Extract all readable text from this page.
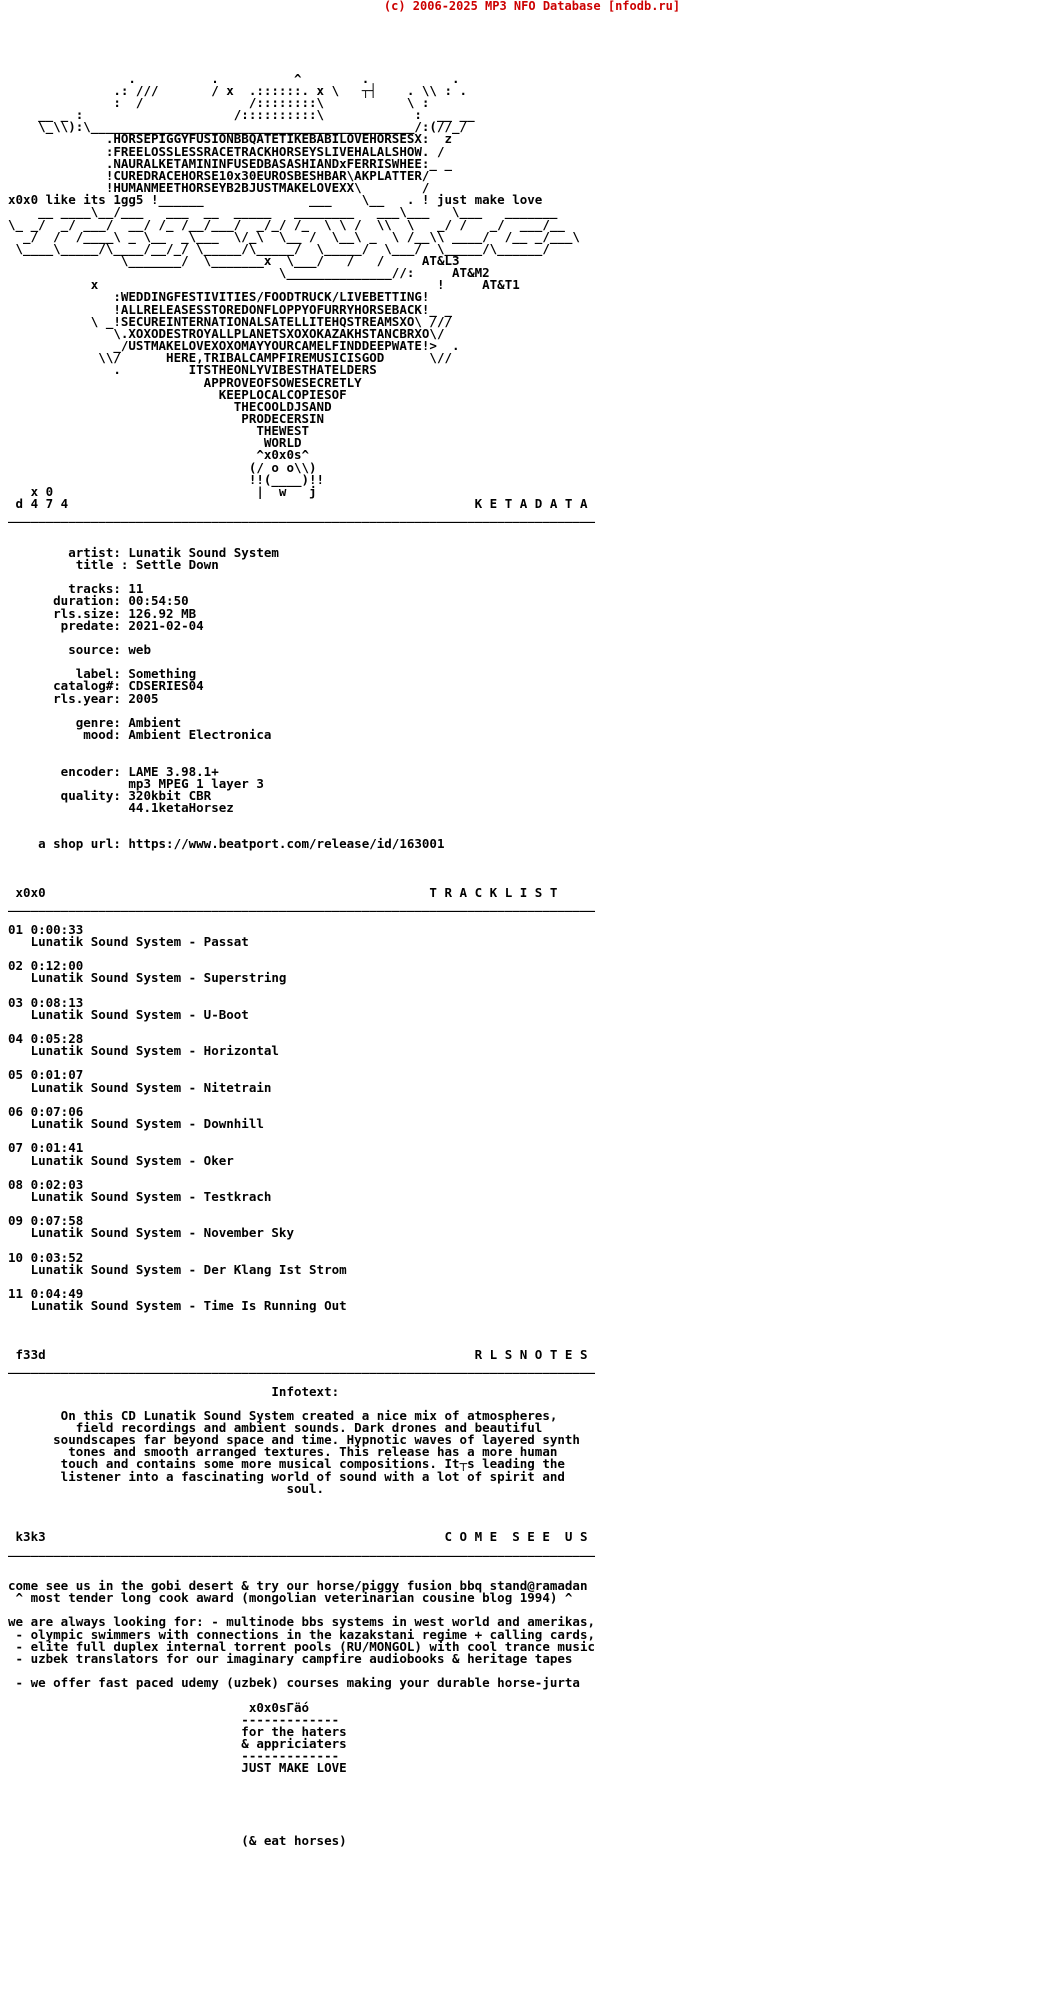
(c) 2006-2025 MP3 NFO Database [nfodb.ru]

.          .          ^        .           .
.: ///       / x  .::::::. x \   ┬┤    . \\ : .
:  /              /::::::::\           \ :
__ _ :                    /::::::::::\            :  __ __
\_\\):\___________________________________________/:(//_/
.HORSEPIGGYFUSIONBBQATETIKEBABILOVEHORSESX:  z
:FREELOSSLESSRACETRACKHORSEYSLIVEHALALSHOW. /
.NAURALKETAMININFUSEDBASASHIANDxFERRISWHEE:_ _
!CUREDRACEHORSE10x30EUROSBESHBAR\AKPLATTER/
!HUMANMEETHORSEYB2BJUSTMAKELOVEXX\        /
x0x0 like its 1gg5 !______              ___    \__   . ! just make love
__ ____\__/___   ___  __  _____   ________   ___\___   \___   _______
\_ _/  _/ ___/  __/ /_ /__/___/  _/_/ /_  \ \ /  \\  \   _/ /   _/  ___/__
_/  /  /____\ _ \__  _\___  \/_\  \__ /  \__\ _  \ /__\\ ____/  /__ _/___\
\____\_____/\____/__/_/ \_____/\_____/  \_____/  \___/  \_____/\______/
\_______/  \_______x  \___/   /   /     AT&L3
\______________//:     AT&M2
x                                             !     AT&T1
:WEDDINGFESTIVITIES/FOODTRUCK/LIVEBETTING!
!ALLRELEASESSTOREDONFLOPPYOFURRYHORSEBACK!_ _
\ _!SECUREINTERNATIONALSATELLITEHQSTREAMSXO\ ///
\.XOXODESTROYALLPLANETSXOXOKAZAKHSTANCBRXO\/
_/USTMAKELOVEXOXOMAYYOURCAMELFINDDEEPWATE!>  .
\\/      HERE,TRIBALCAMPFIREMUSICISGOD      \//
.         ITSTHEONLYVIBESTHATELDERS
APPROVEOFSOWESECRETLY
KEEPLOCALCOPIESOF
THECOOLDJSAND
PRODECERSIN
THEWEST
WORLD
^x0x0s^
(/ o o\\)
!!(____)!!
x 0                           |  w   j
d 4 7 4                                                      K E T A D A T A
______________________________________________________________________________

artist: Lunatik Sound System
title : Settle Down

tracks: 11
duration: 00:54:50
rls.size: 126.92 MB
predate: 2021-02-04

source: web

label: Something
catalog#: CDSERIES04
rls.year: 2005

genre: Ambient
mood: Ambient Electronica

encoder: LAME 3.98.1+
mp3 MPEG 1 layer 3
quality: 320kbit CBR
44.1ketaHorsez

a shop url: https://www.beatport.com/release/id/163001

x0x0                                                   T R A C K L I S T
______________________________________________________________________________

01 0:00:33
Lunatik Sound System - Passat

02 0:12:00
Lunatik Sound System - Superstring

03 0:08:13
Lunatik Sound System - U-Boot

04 0:05:28
Lunatik Sound System - Horizontal

05 0:01:07
Lunatik Sound System - Nitetrain

06 0:07:06
Lunatik Sound System - Downhill

07 0:01:41
Lunatik Sound System - Oker

08 0:02:03
Lunatik Sound System - Testkrach

09 0:07:58
Lunatik Sound System - November Sky

10 0:03:52
Lunatik Sound System - Der Klang Ist Strom

11 0:04:49
Lunatik Sound System - Time Is Running Out

f33d                                                         R L S N O T E S
______________________________________________________________________________

Infotext:

On this CD Lunatik Sound System created a nice mix of atmospheres,
field recordings and ambient sounds. Dark drones and beautiful
soundscapes far beyond space and time. Hypnotic waves of layered synth
tones and smooth arranged textures. This release has a more human
touch and contains some more musical compositions. It┬s leading the
listener into a fascinating world of sound with a lot of spirit and
soul.

k3k3                                                     C O M E  S E E  U S
______________________________________________________________________________

come see us in the gobi desert & try our horse/piggy fusion bbq stand@ramadan
^ most tender long cook award (mongolian veterinarian cousine blog 1994) ^

we are always looking for: - multinode bbs systems in west world and amerikas,
- olympic swimmers with connections in the kazakstani regime + calling cards,
- elite full duplex internal torrent pools (RU/MONGOL) with cool trance music
- uzbek translators for our imaginary campfire audiobooks & heritage tapes

- we offer fast paced udemy (uzbek) courses making your durable horse-jurta

x0x0sΓäó
-------------
for the haters
& appriciaters
-------------
JUST MAKE LOVE

(& eat horses)
